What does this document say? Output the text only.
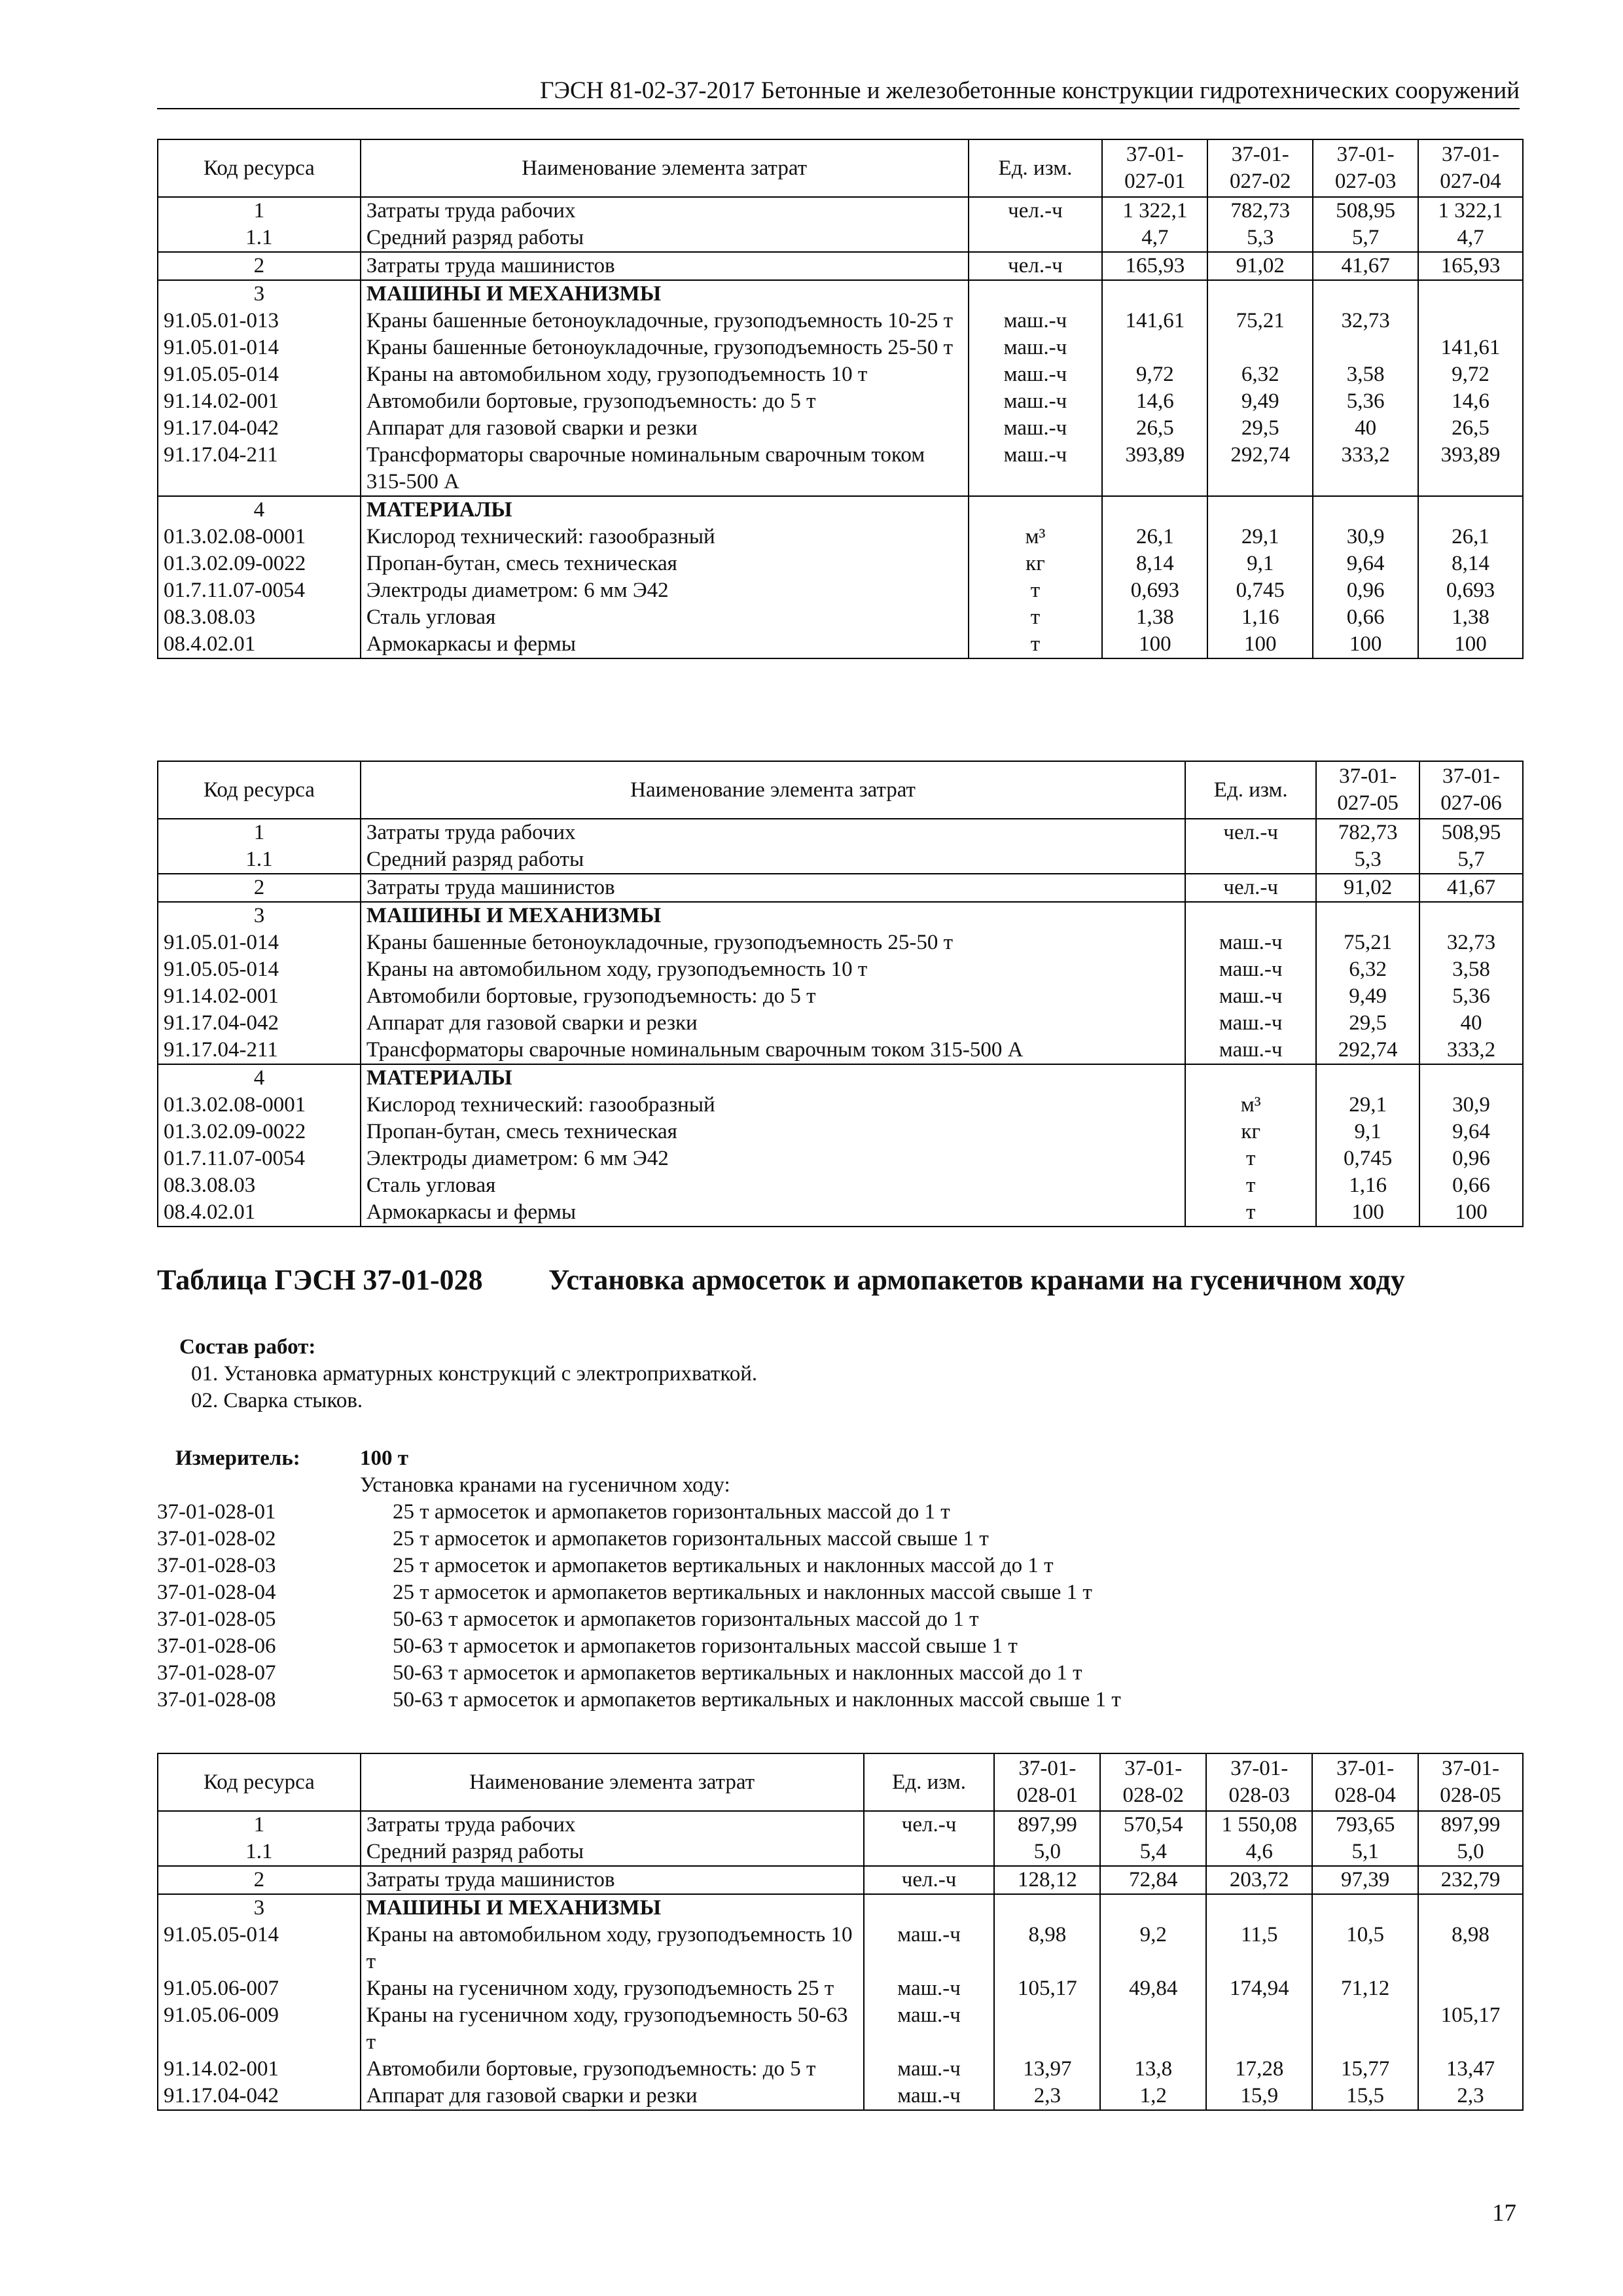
ГЭСН 81-02-37-2017 Бетонные и железобетонные конструкции гидротехнических сооружений
Код ресурса	Наименование элемента затрат	Ед. изм.	37-01-027-01	37-01-027-02	37-01-027-03	37-01-027-04
1	Затраты труда рабочих	чел.-ч	1 322,1	782,73	508,95	1 322,1
1.1	Средний разряд работы		4,7	5,3	5,7	4,7
2	Затраты труда машинистов	чел.-ч	165,93	91,02	41,67	165,93
3	МАШИНЫ И МЕХАНИЗМЫ					
91.05.01-013	Краны башенные бетоноукладочные, грузоподъемность 10-25 т	маш.-ч	141,61	75,21	32,73	
91.05.01-014	Краны башенные бетоноукладочные, грузоподъемность 25-50 т	маш.-ч				141,61
91.05.05-014	Краны на автомобильном ходу, грузоподъемность 10 т	маш.-ч	9,72	6,32	3,58	9,72
91.14.02-001	Автомобили бортовые, грузоподъемность: до 5 т	маш.-ч	14,6	9,49	5,36	14,6
91.17.04-042	Аппарат для газовой сварки и резки	маш.-ч	26,5	29,5	40	26,5
91.17.04-211	Трансформаторы сварочные номинальным сварочным током 315-500 А	маш.-ч	393,89	292,74	333,2	393,89
4	МАТЕРИАЛЫ					
01.3.02.08-0001	Кислород технический: газообразный	м³	26,1	29,1	30,9	26,1
01.3.02.09-0022	Пропан-бутан, смесь техническая	кг	8,14	9,1	9,64	8,14
01.7.11.07-0054	Электроды диаметром: 6 мм Э42	т	0,693	0,745	0,96	0,693
08.3.08.03	Сталь угловая	т	1,38	1,16	0,66	1,38
08.4.02.01	Армокаркасы и фермы	т	100	100	100	100
Код ресурса	Наименование элемента затрат	Ед. изм.	37-01-027-05	37-01-027-06
1	Затраты труда рабочих	чел.-ч	782,73	508,95
1.1	Средний разряд работы		5,3	5,7
2	Затраты труда машинистов	чел.-ч	91,02	41,67
3	МАШИНЫ И МЕХАНИЗМЫ			
91.05.01-014	Краны башенные бетоноукладочные, грузоподъемность 25-50 т	маш.-ч	75,21	32,73
91.05.05-014	Краны на автомобильном ходу, грузоподъемность 10 т	маш.-ч	6,32	3,58
91.14.02-001	Автомобили бортовые, грузоподъемность: до 5 т	маш.-ч	9,49	5,36
91.17.04-042	Аппарат для газовой сварки и резки	маш.-ч	29,5	40
91.17.04-211	Трансформаторы сварочные номинальным сварочным током 315-500 А	маш.-ч	292,74	333,2
4	МАТЕРИАЛЫ			
01.3.02.08-0001	Кислород технический: газообразный	м³	29,1	30,9
01.3.02.09-0022	Пропан-бутан, смесь техническая	кг	9,1	9,64
01.7.11.07-0054	Электроды диаметром: 6 мм Э42	т	0,745	0,96
08.3.08.03	Сталь угловая	т	1,16	0,66
08.4.02.01	Армокаркасы и фермы	т	100	100
Таблица ГЭСН 37-01-028 Установка армосеток и армопакетов кранами на гусеничном ходу
Состав работ:
01. Установка арматурных конструкций с электроприхваткой.
02. Сварка стыков.
Измеритель:	100 т
Установка кранами на гусеничном ходу:
37-01-028-01	25 т армосеток и армопакетов горизонтальных массой до 1 т
37-01-028-02	25 т армосеток и армопакетов горизонтальных массой свыше 1 т
37-01-028-03	25 т армосеток и армопакетов вертикальных и наклонных массой до 1 т
37-01-028-04	25 т армосеток и армопакетов вертикальных и наклонных массой свыше 1 т
37-01-028-05	50-63 т армосеток и армопакетов горизонтальных массой до 1 т
37-01-028-06	50-63 т армосеток и армопакетов горизонтальных массой свыше 1 т
37-01-028-07	50-63 т армосеток и армопакетов вертикальных и наклонных массой до 1 т
37-01-028-08	50-63 т армосеток и армопакетов вертикальных и наклонных массой свыше 1 т
Код ресурса	Наименование элемента затрат	Ед. изм.	37-01-028-01	37-01-028-02	37-01-028-03	37-01-028-04	37-01-028-05
1	Затраты труда рабочих	чел.-ч	897,99	570,54	1 550,08	793,65	897,99
1.1	Средний разряд работы		5,0	5,4	4,6	5,1	5,0
2	Затраты труда машинистов	чел.-ч	128,12	72,84	203,72	97,39	232,79
3	МАШИНЫ И МЕХАНИЗМЫ						
91.05.05-014	Краны на автомобильном ходу, грузоподъемность 10 т	маш.-ч	8,98	9,2	11,5	10,5	8,98
91.05.06-007	Краны на гусеничном ходу, грузоподъемность 25 т	маш.-ч	105,17	49,84	174,94	71,12	
91.05.06-009	Краны на гусеничном ходу, грузоподъемность 50-63 т	маш.-ч					105,17
91.14.02-001	Автомобили бортовые, грузоподъемность: до 5 т	маш.-ч	13,97	13,8	17,28	15,77	13,47
91.17.04-042	Аппарат для газовой сварки и резки	маш.-ч	2,3	1,2	15,9	15,5	2,3
17
